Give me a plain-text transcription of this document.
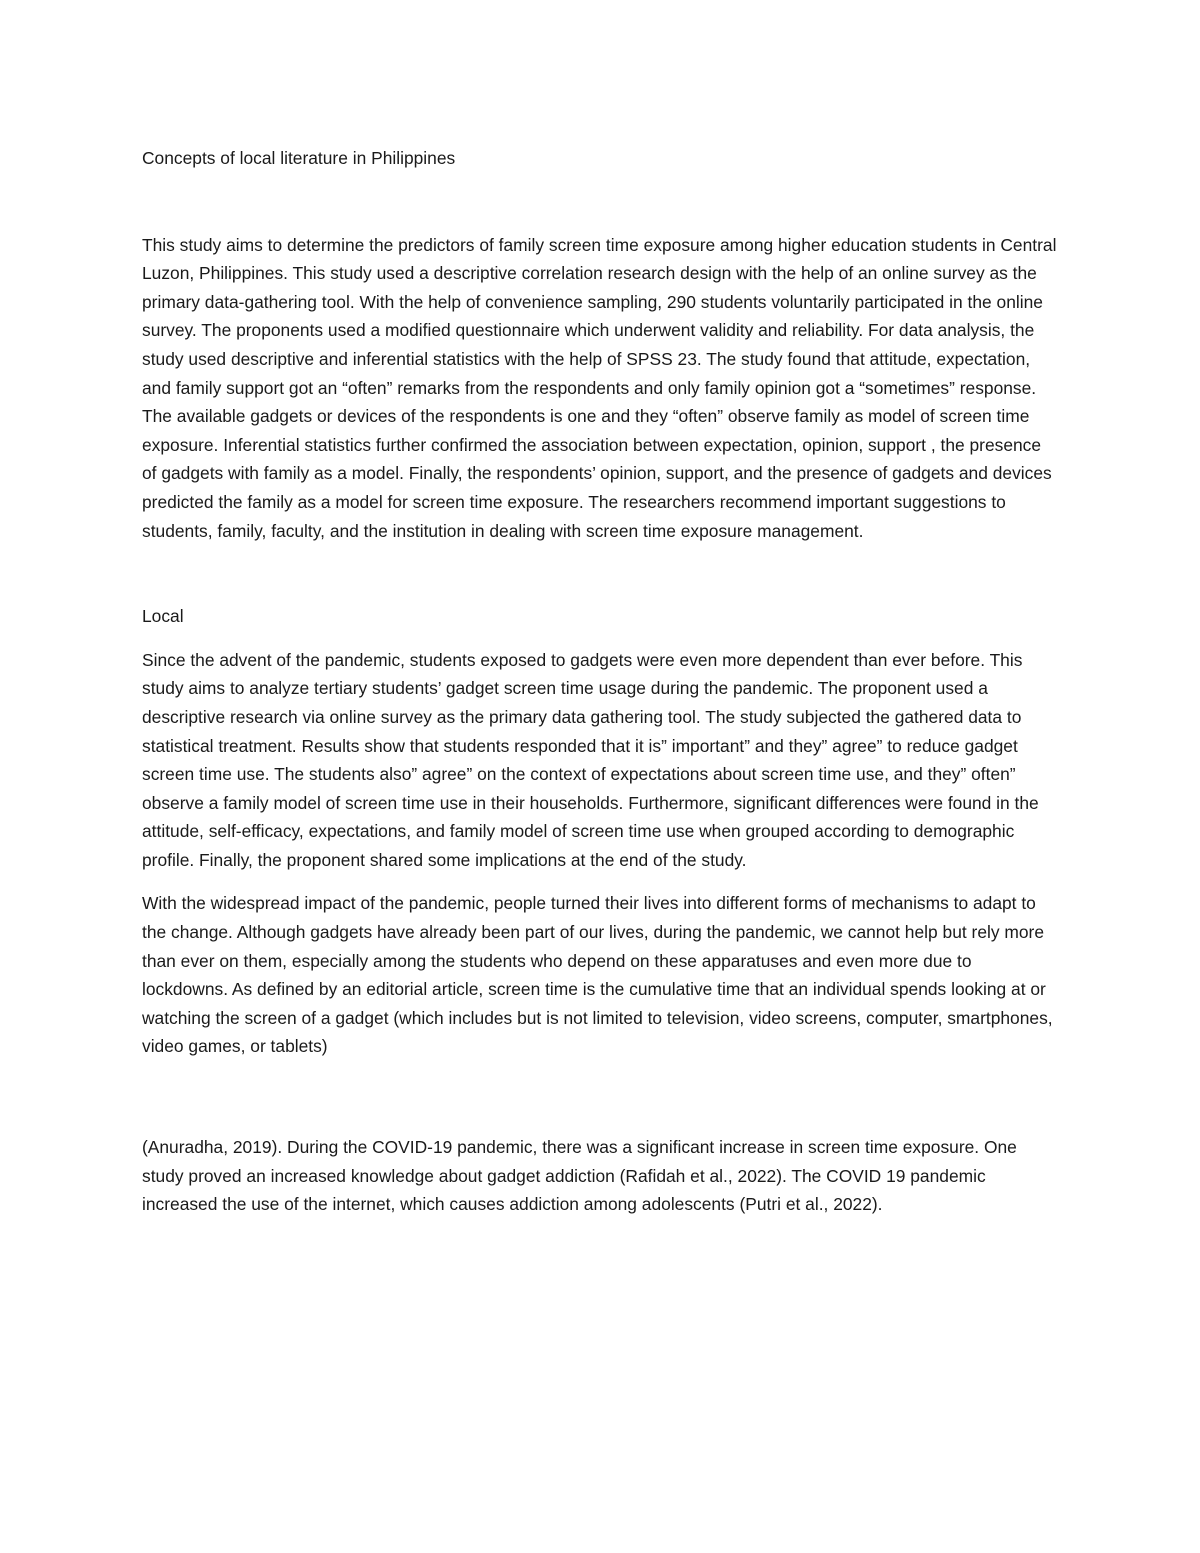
Concepts of local literature in Philippines

This study aims to determine the predictors of family screen time exposure among higher education students in Central Luzon, Philippines. This study used a descriptive correlation research design with the help of an online survey as the primary data-gathering tool. With the help of convenience sampling, 290 students voluntarily participated in the online survey. The proponents used a modified questionnaire which underwent validity and reliability. For data analysis, the study used descriptive and inferential statistics with the help of SPSS 23. The study found that attitude, expectation, and family support got an “often” remarks from the respondents and only family opinion got a “sometimes” response. The available gadgets or devices of the respondents is one and they “often” observe family as model of screen time exposure. Inferential statistics further confirmed the association between expectation, opinion, support , the presence of gadgets with family as a model. Finally, the respondents’ opinion, support, and the presence of gadgets and devices predicted the family as a model for screen time exposure. The researchers recommend important suggestions to students, family, faculty, and the institution in dealing with screen time exposure management.

Local

Since the advent of the pandemic, students exposed to gadgets were even more dependent than ever before. This study aims to analyze tertiary students’ gadget screen time usage during the pandemic. The proponent used a descriptive research via online survey as the primary data gathering tool. The study subjected the gathered data to statistical treatment. Results show that students responded that it is” important” and they” agree” to reduce gadget screen time use. The students also” agree” on the context of expectations about screen time use, and they” often” observe a family model of screen time use in their households. Furthermore, significant differences were found in the attitude, self-efficacy, expectations, and family model of screen time use when grouped according to demographic profile. Finally, the proponent shared some implications at the end of the study.

With the widespread impact of the pandemic, people turned their lives into different forms of mechanisms to adapt to the change. Although gadgets have already been part of our lives, during the pandemic, we cannot help but rely more than ever on them, especially among the students who depend on these apparatuses and even more due to lockdowns. As defined by an editorial article, screen time is the cumulative time that an individual spends looking at or watching the screen of a gadget (which includes but is not limited to television, video screens, computer, smartphones, video games, or tablets)

(Anuradha, 2019). During the COVID-19 pandemic, there was a significant increase in screen time exposure. One study proved an increased knowledge about gadget addiction (Rafidah et al., 2022). The COVID 19 pandemic increased the use of the internet, which causes addiction among adolescents (Putri et al., 2022).
